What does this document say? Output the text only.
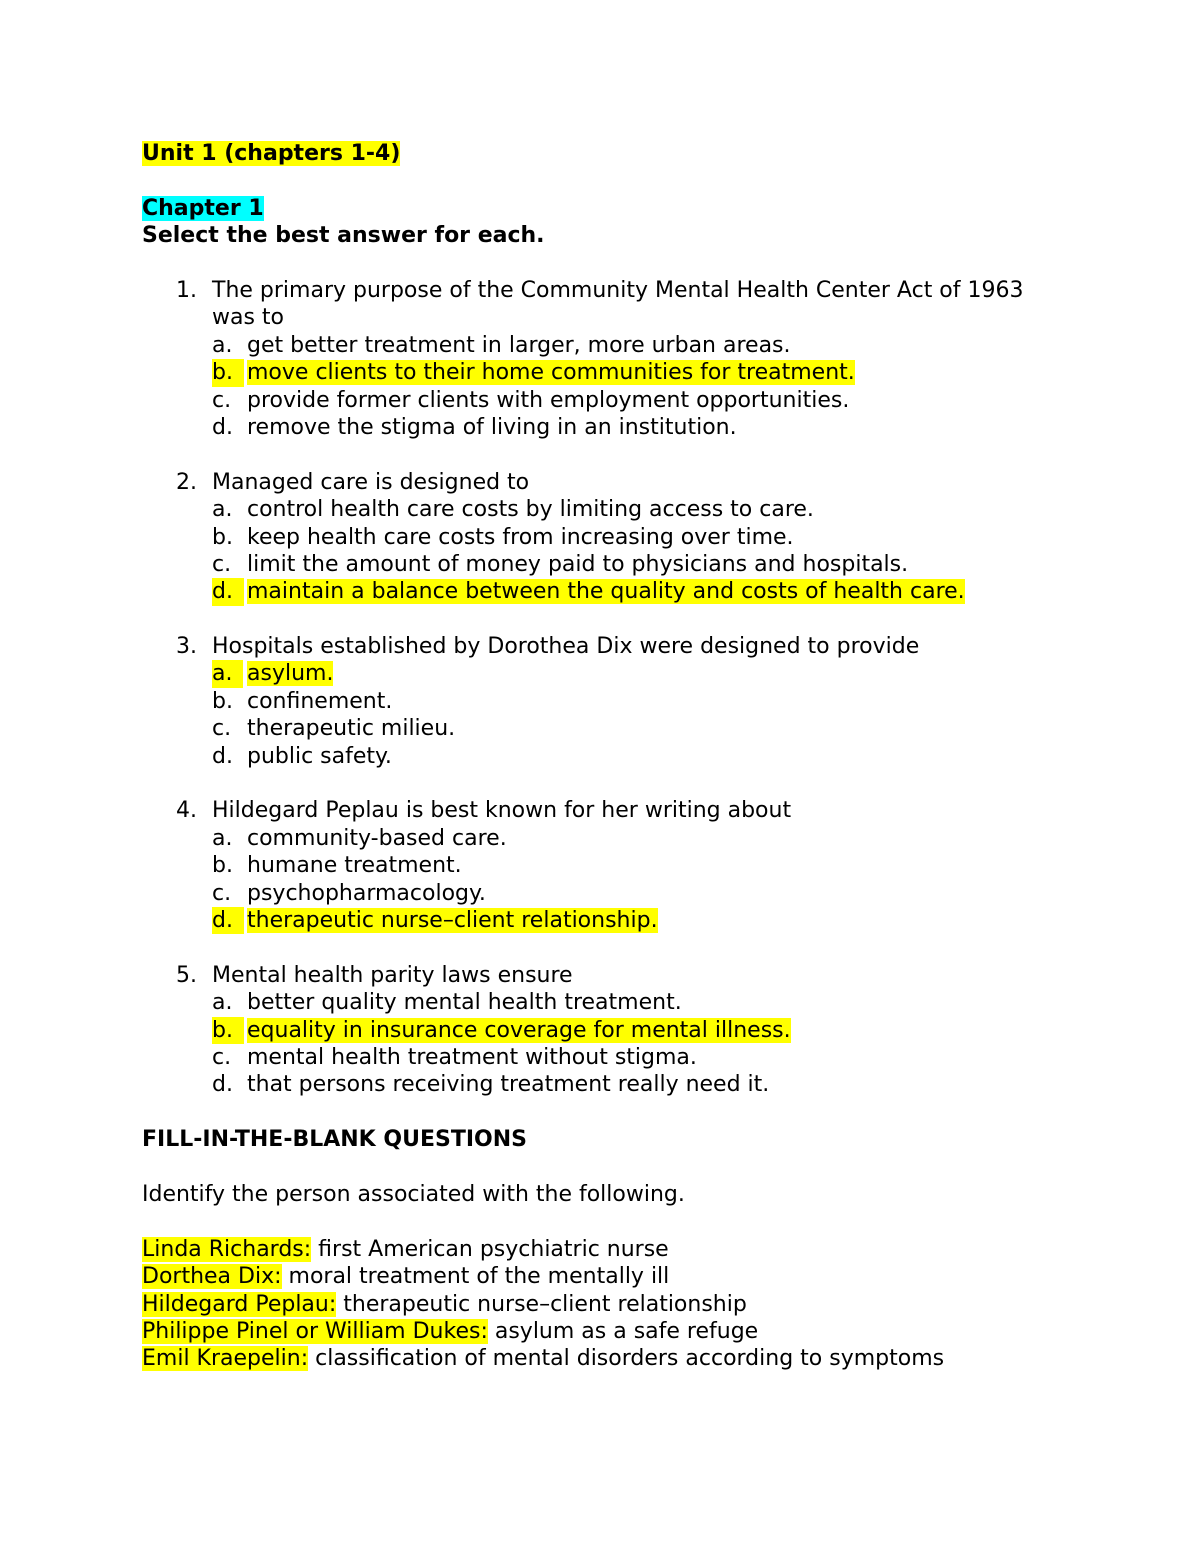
Unit 1 (chapters 1-4)
Chapter 1
Select the best answer for each.
1. The primary purpose of the Community Mental Health Center Act of 1963 was to
a. get better treatment in larger, more urban areas.
b. move clients to their home communities for treatment.
c. provide former clients with employment opportunities.
d. remove the stigma of living in an institution.
2. Managed care is designed to
a. control health care costs by limiting access to care.
b. keep health care costs from increasing over time.
c. limit the amount of money paid to physicians and hospitals.
d. maintain a balance between the quality and costs of health care.
3. Hospitals established by Dorothea Dix were designed to provide
a. asylum.
b. confinement.
c. therapeutic milieu.
d. public safety.
4. Hildegard Peplau is best known for her writing about
a. community-based care.
b. humane treatment.
c. psychopharmacology.
d. therapeutic nurse–client relationship.
5. Mental health parity laws ensure
a. better quality mental health treatment.
b. equality in insurance coverage for mental illness.
c. mental health treatment without stigma.
d. that persons receiving treatment really need it.
FILL-IN-THE-BLANK QUESTIONS
Identify the person associated with the following.
Linda Richards: first American psychiatric nurse
Dorthea Dix: moral treatment of the mentally ill
Hildegard Peplau: therapeutic nurse–client relationship
Philippe Pinel or William Dukes: asylum as a safe refuge
Emil Kraepelin: classification of mental disorders according to symptoms
